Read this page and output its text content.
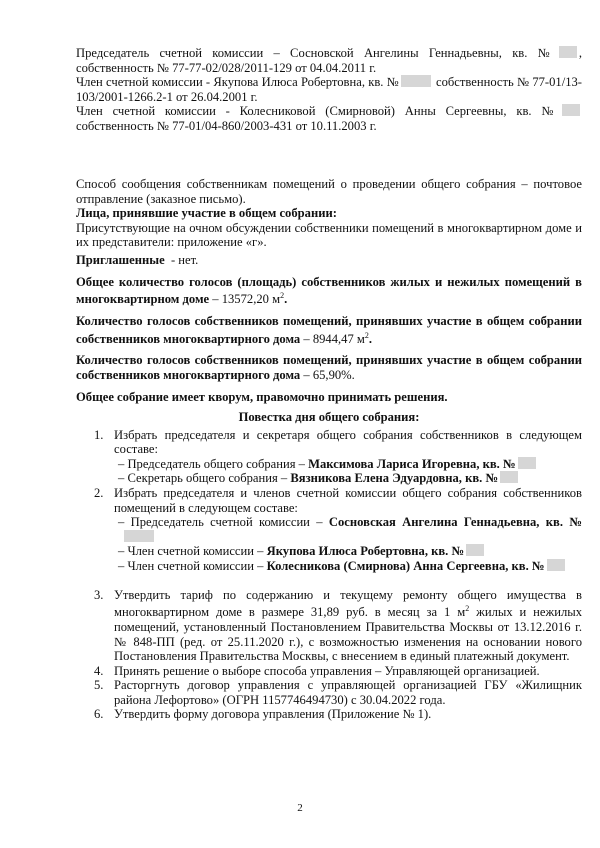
Председатель счетной комиссии – Сосновской Ангелины Геннадьевны, кв. № , собственность № 77-77-02/028/2011-129 от 04.04.2011 г.

Член счетной комиссии - Якупова Илюса Робертовна, кв. №	собственность № 77-01/13-103/2001-1266.2-1 от 26.04.2001 г.

Член счетной комиссии - Колесниковой (Смирновой) Анны Сергеевны, кв. № собственность № 77-01/04-860/2003-431 от 10.11.2003 г.

Способ сообщения собственникам помещений о проведении общего собрания – почтовое отправление (заказное письмо).

Лица, принявшие участие в общем собрании:

Присутствующие на очном обсуждении собственники помещений в многоквартирном доме и их представители: приложение «г».

Приглашенные - нет.

Общее количество голосов (площадь) собственников жилых и нежилых помещений в многоквартирном доме – 13572,20 $м^2$.

Количество голосов собственников помещений, принявших участие в общем собрании собственников многоквартирного дома – 8944,47 $м^2$.

Количество голосов собственников помещений, принявших участие в общем собрании собственников многоквартирного дома – 65,90%.

Общее собрание имеет кворум, правомочно принимать решения.

Повестка дня общего собрания:

1. Избрать председателя и секретаря общего собрания собственников в следующем составе:

– Председатель общего собрания – Максимова Лариса Игоревна, кв. №

– Секретарь общего собрания – Вязникова Елена Эдуардовна, кв. №

2. Избрать председателя и членов счетной комиссии общего собрания собственников помещений в следующем составе:

– Председатель счетной комиссии – Сосновская Ангелина Геннадьевна, кв. №

– Член счетной комиссии – Якупова Илюса Робертовна, кв. №

– Член счетной комиссии – Колесникова (Смирнова) Анна Сергеевна, кв. №

3. Утвердить тариф по содержанию и текущему ремонту общего имущества в многоквартирном доме в размере 31,89 руб. в месяц за 1 $м^2$ жилых и нежилых помещений, установленный Постановлением Правительства Москвы от 13.12.2016 г. № 848-ПП (ред. от 25.11.2020 г.), с возможностью изменения на основании нового Постановления Правительства Москвы, с внесением в единый платежный документ.

4. Принять решение о выборе способа управления – Управляющей организацией.

5. Расторгнуть договор управления с управляющей организацией ГБУ «Жилищник района Лефортово» (ОГРН 1157746494730) с 30.04.2022 года.

6. Утвердить форму договора управления (Приложение № 1).

2
